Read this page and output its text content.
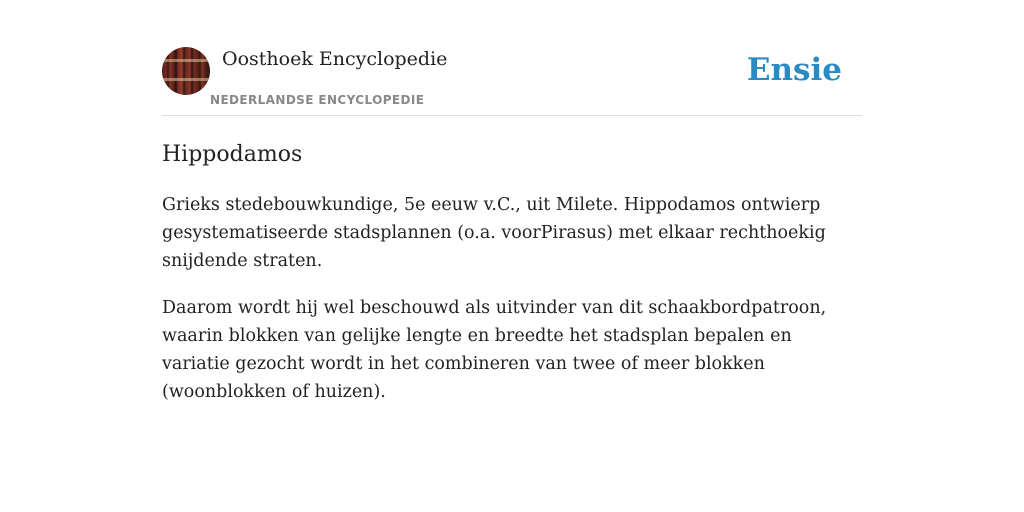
Oosthoek Encyclopedie
NEDERLANDSE ENCYCLOPEDIE
Ensie
Hippodamos

Grieks stedebouwkundige, 5e eeuw v.C., uit Milete. Hippodamos ontwierp gesystematiseerde stadsplannen (o.a. voorPirasus) met elkaar rechthoekig snijdende straten.

Daarom wordt hij wel beschouwd als uitvinder van dit schaakbordpatroon, waarin blokken van gelijke lengte en breedte het stadsplan bepalen en variatie gezocht wordt in het combineren van twee of meer blokken (woonblokken of huizen).
